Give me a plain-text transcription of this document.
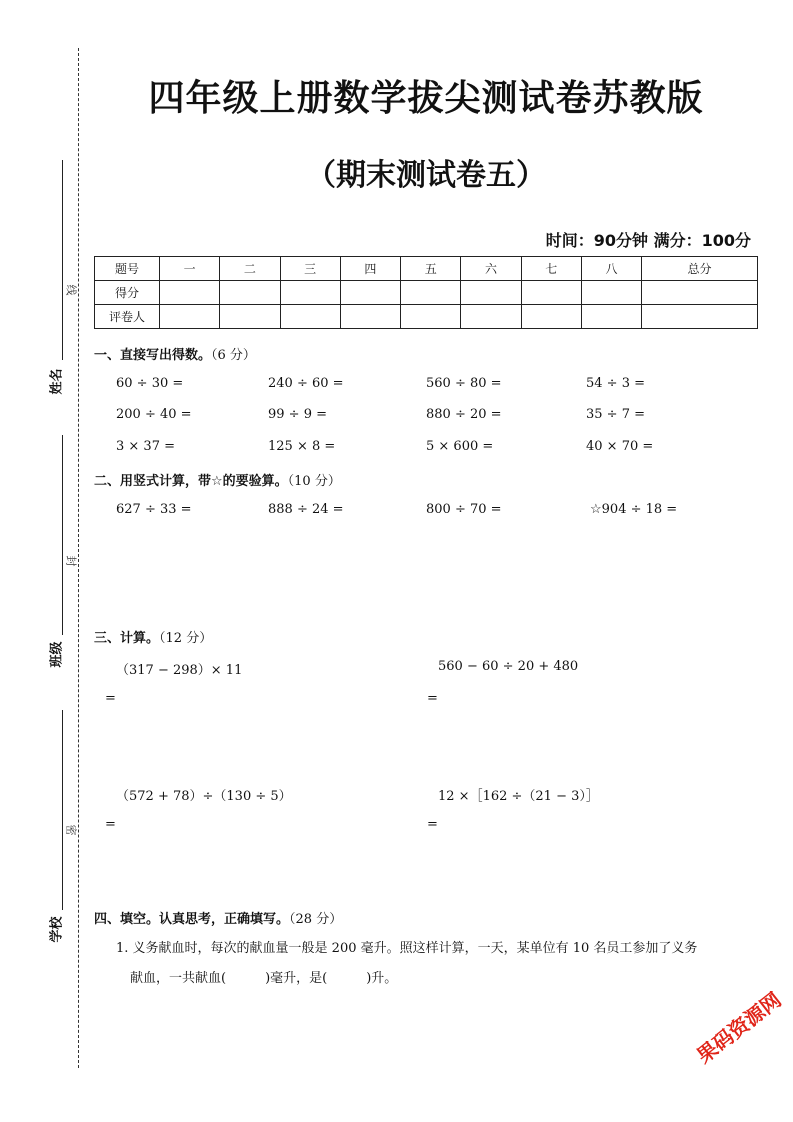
线
封
密
姓名
班级
学校
四年级上册数学拔尖测试卷苏教版
（期末测试卷五）
时间：90分钟 满分：100分
题号	一	二	三	四	五	六	七	八	总分
得分									
评卷人									
一、直接写出得数。（6 分）
60 ÷ 30 =	240 ÷ 60 =	560 ÷ 80 =	54 ÷ 3 =
200 ÷ 40 =	99 ÷ 9 =	880 ÷ 20 =	35 ÷ 7 =
3 × 37 =	125 × 8 =	5 × 600 =	40 × 70 =
二、用竖式计算，带☆的要验算。（10 分）
627 ÷ 33 =	888 ÷ 24 =	800 ÷ 70 =	☆904 ÷ 18 =
三、计算。（12 分）
（317 − 298）× 11	560 − 60 ÷ 20 + 480
=	=
（572 + 78）÷（130 ÷ 5）	12 ×［162 ÷（21 − 3）］
=	=
四、填空。认真思考，正确填写。（28 分）
1. 义务献血时，每次的献血量一般是 200 毫升。照这样计算，一天，某单位有 10 名员工参加了义务
献血，一共献血(　　　)毫升，是(　　　)升。
果码资源网
